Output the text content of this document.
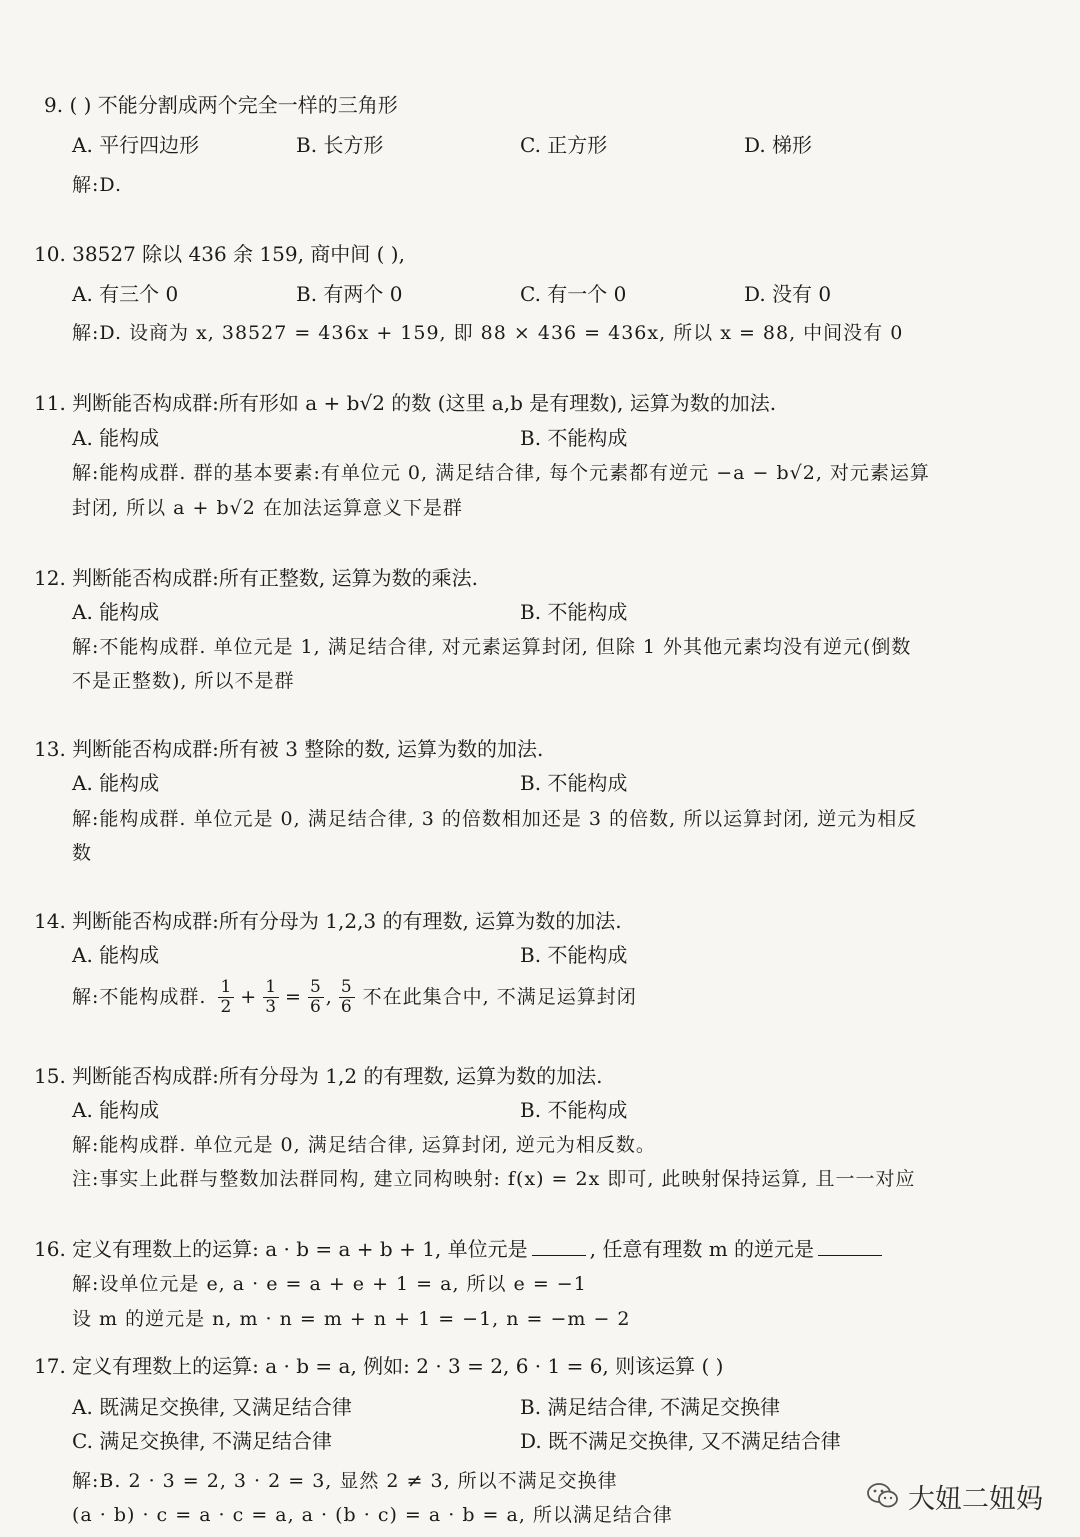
9. ( ) 不能分割成两个完全一样的三角形
A. 平行四边形	B. 长方形	C. 正方形	D. 梯形
解:D.
10. 38527 除以 436 余 159, 商中间 ( ),
A. 有三个 0	B. 有两个 0	C. 有一个 0	D. 没有 0
解:D. 设商为 x, 38527 = 436x + 159, 即 88 × 436 = 436x, 所以 x = 88, 中间没有 0
11. 判断能否构成群:所有形如 a + b√2 的数 (这里 a,b 是有理数), 运算为数的加法.
A. 能构成	B. 不能构成
解:能构成群. 群的基本要素:有单位元 0, 满足结合律, 每个元素都有逆元 −a − b√2, 对元素运算
封闭, 所以 a + b√2 在加法运算意义下是群
12. 判断能否构成群:所有正整数, 运算为数的乘法.
A. 能构成	B. 不能构成
解:不能构成群. 单位元是 1, 满足结合律, 对元素运算封闭, 但除 1 外其他元素均没有逆元(倒数
不是正整数), 所以不是群
13. 判断能否构成群:所有被 3 整除的数, 运算为数的加法.
A. 能构成	B. 不能构成
解:能构成群. 单位元是 0, 满足结合律, 3 的倍数相加还是 3 的倍数, 所以运算封闭, 逆元为相反
数
14. 判断能否构成群:所有分母为 1,2,3 的有理数, 运算为数的加法.
A. 能构成	B. 不能构成
解:不能构成群. $\frac{1}{2} + \frac{1}{3} = \frac{5}{6}$ , $\frac{5}{6}$ 不在此集合中, 不满足运算封闭
15. 判断能否构成群:所有分母为 1,2 的有理数, 运算为数的加法.
A. 能构成	B. 不能构成
解:能构成群. 单位元是 0, 满足结合律, 运算封闭, 逆元为相反数。
注:事实上此群与整数加法群同构, 建立同构映射: f(x) = 2x 即可, 此映射保持运算, 且一一对应
16. 定义有理数上的运算: a · b = a + b + 1, 单位元是	, 任意有理数 m 的逆元是
解:设单位元是 e, a · e = a + e + 1 = a, 所以 e = −1
设 m 的逆元是 n, m · n = m + n + 1 = −1, n = −m − 2
17. 定义有理数上的运算: a · b = a, 例如: 2 · 3 = 2, 6 · 1 = 6, 则该运算 ( )
A. 既满足交换律, 又满足结合律	B. 满足结合律, 不满足交换律
C. 满足交换律, 不满足结合律	D. 既不满足交换律, 又不满足结合律
解:B. 2 · 3 = 2, 3 · 2 = 3, 显然 2 ≠ 3, 所以不满足交换律
(a · b) · c = a · c = a, a · (b · c) = a · b = a, 所以满足结合律
大妞二妞妈
